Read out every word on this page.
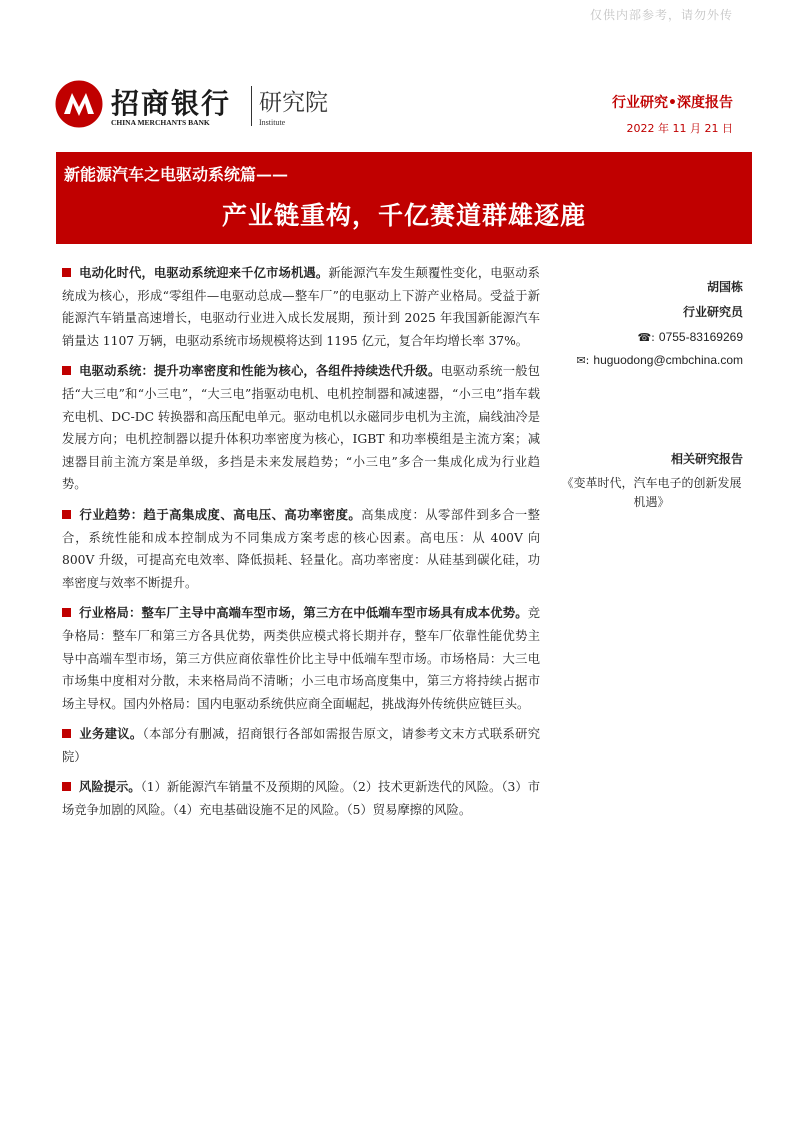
仅供内部参考，请勿外传
招商银行
CHINA MERCHANTS BANK
研究院
Institute
行业研究•深度报告
2022 年 11 月 21 日
新能源汽车之电驱动系统篇——
产业链重构，千亿赛道群雄逐鹿

电动化时代，电驱动系统迎来千亿市场机遇。新能源汽车发生颠覆性变化，电驱动系统成为核心，形成“零组件—电驱动总成—整车厂”的电驱动上下游产业格局。受益于新能源汽车销量高速增长，电驱动行业进入成长发展期，预计到 2025 年我国新能源汽车销量达 1107 万辆，电驱动系统市场规模将达到 1195 亿元，复合年均增长率 37%。

电驱动系统：提升功率密度和性能为核心，各组件持续迭代升级。电驱动系统一般包括“大三电”和“小三电”，“大三电”指驱动电机、电机控制器和减速器，“小三电”指车载充电机、DC-DC 转换器和高压配电单元。驱动电机以永磁同步电机为主流，扁线油冷是发展方向；电机控制器以提升体积功率密度为核心，IGBT 和功率模组是主流方案；减速器目前主流方案是单级，多挡是未来发展趋势；“小三电”多合一集成化成为行业趋势。

行业趋势：趋于高集成度、高电压、高功率密度。高集成度：从零部件到多合一整合，系统性能和成本控制成为不同集成方案考虑的核心因素。高电压：从 400V 向 800V 升级，可提高充电效率、降低损耗、轻量化。高功率密度：从硅基到碳化硅，功率密度与效率不断提升。

行业格局：整车厂主导中高端车型市场，第三方在中低端车型市场具有成本优势。竞争格局：整车厂和第三方各具优势，两类供应模式将长期并存，整车厂依靠性能优势主导中高端车型市场，第三方供应商依靠性价比主导中低端车型市场。市场格局：大三电市场集中度相对分散，未来格局尚不清晰；小三电市场高度集中，第三方将持续占据市场主导权。国内外格局：国内电驱动系统供应商全面崛起，挑战海外传统供应链巨头。

业务建议。（本部分有删减，招商银行各部如需报告原文，请参考文末方式联系研究院）

风险提示。（1）新能源汽车销量不及预期的风险。（2）技术更新迭代的风险。（3）市场竞争加剧的风险。（4）充电基础设施不足的风险。（5）贸易摩擦的风险。

胡国栋
行业研究员
☎: 0755-83169269
✉: huguodong@cmbchina.com
相关研究报告
《变革时代，汽车电子的创新发展机遇》
